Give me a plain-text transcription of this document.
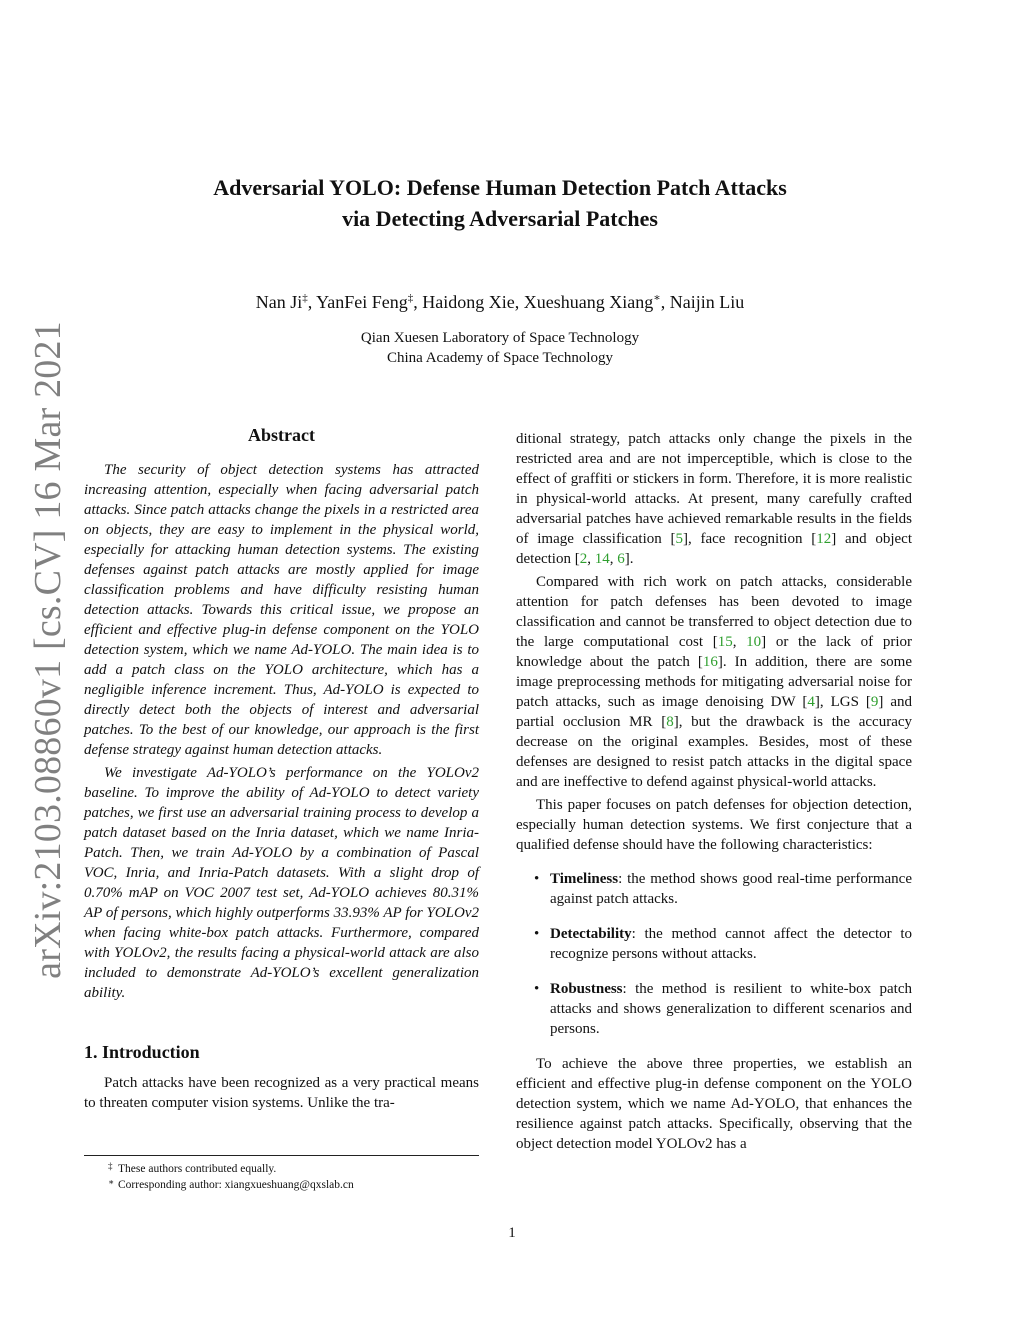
arXiv:2103.08860v1 [cs.CV] 16 Mar 2021
Adversarial YOLO: Defense Human Detection Patch Attacks
via Detecting Adversarial Patches
Nan Ji‡, YanFei Feng‡, Haidong Xie, Xueshuang Xiang∗, Naijin Liu
Qian Xuesen Laboratory of Space Technology
China Academy of Space Technology
Abstract

The security of object detection systems has attracted increasing attention, especially when facing adversarial patch attacks. Since patch attacks change the pixels in a restricted area on objects, they are easy to implement in the physical world, especially for attacking human detection systems. The existing defenses against patch attacks are mostly applied for image classification problems and have difficulty resisting human detection attacks. Towards this critical issue, we propose an efficient and effective plug-in defense component on the YOLO detection system, which we name Ad-YOLO. The main idea is to add a patch class on the YOLO architecture, which has a negligible inference increment. Thus, Ad-YOLO is expected to directly detect both the objects of interest and adversarial patches. To the best of our knowledge, our approach is the first defense strategy against human detection attacks.

We investigate Ad-YOLO’s performance on the YOLOv2 baseline. To improve the ability of Ad-YOLO to detect variety patches, we first use an adversarial training process to develop a patch dataset based on the Inria dataset, which we name Inria-Patch. Then, we train Ad-YOLO by a combination of Pascal VOC, Inria, and Inria-Patch datasets. With a slight drop of 0.70% mAP on VOC 2007 test set, Ad-YOLO achieves 80.31% AP of persons, which highly outperforms 33.93% AP for YOLOv2 when facing white-box patch attacks. Furthermore, compared with YOLOv2, the results facing a physical-world attack are also included to demonstrate Ad-YOLO’s excellent generalization ability.

1. Introduction

Patch attacks have been recognized as a very practical means to threaten computer vision systems. Unlike the tra-

ditional strategy, patch attacks only change the pixels in the restricted area and are not imperceptible, which is close to the effect of graffiti or stickers in form. Therefore, it is more realistic in physical-world attacks. At present, many carefully crafted adversarial patches have achieved remarkable results in the fields of image classification [5], face recognition [12] and object detection [2, 14, 6].

Compared with rich work on patch attacks, considerable attention for patch defenses has been devoted to image classification and cannot be transferred to object detection due to the large computational cost [15, 10] or the lack of prior knowledge about the patch [16]. In addition, there are some image preprocessing methods for mitigating adversarial noise for patch attacks, such as image denoising DW [4], LGS [9] and partial occlusion MR [8], but the drawback is the accuracy decrease on the original examples. Besides, most of these defenses are designed to resist patch attacks in the digital space and are ineffective to defend against physical-world attacks.

This paper focuses on patch defenses for objection detection, especially human detection systems. We first conjecture that a qualified defense should have the following characteristics:

• Timeliness: the method shows good real-time performance against patch attacks.
• Detectability: the method cannot affect the detector to recognize persons without attacks.
• Robustness: the method is resilient to white-box patch attacks and shows generalization to different scenarios and persons.

To achieve the above three properties, we establish an efficient and effective plug-in defense component on the YOLO detection system, which we name Ad-YOLO, that enhances the resilience against patch attacks. Specifically, observing that the object detection model YOLOv2 has a

‡ These authors contributed equally.
∗ Corresponding author: xiangxueshuang@qxslab.cn
1
